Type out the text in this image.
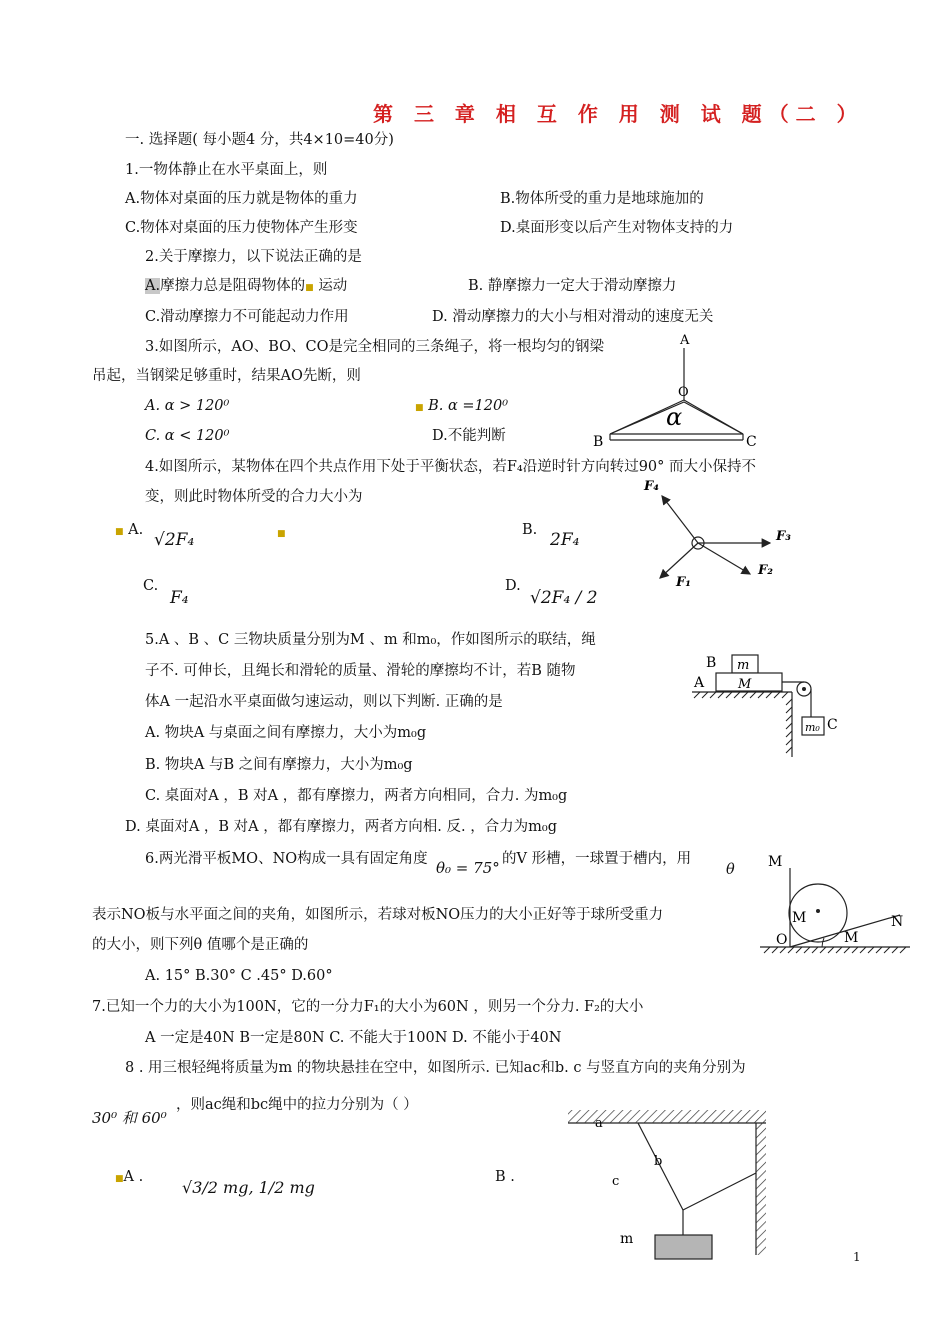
第 三 章 相 互 作 用 测 试 题（二 ）
一. 选择题( 每小题4 分，共4×10=40分)
1.一物体静止在水平桌面上，则
A.物体对桌面的压力就是物体的重力	B.物体所受的重力是地球施加的
C.物体对桌面的压力使物体产生形变	D.桌面形变以后产生对物体支持的力
2.关于摩擦力，以下说法正确的是
A.摩擦力总是阻碍物体的■ 运动	B. 静摩擦力一定大于滑动摩擦力
C.滑动摩擦力不可能起动力作用	D. 滑动摩擦力的大小与相对滑动的速度无关
3.如图所示，AO、BO、CO是完全相同的三条绳子，将一根均匀的钢梁
吊起，当钢梁足够重时，结果AO先断，则
A. α > 120⁰	■ B. α =120⁰
C. α < 120⁰	D.不能判断
A
O
α
B	C
4.如图所示，某物体在四个共点作用下处于平衡状态，若F₄沿逆时针方向转过90° 而大小保持不
变，则此时物体所受的合力大小为
■ A. √2F₄	■	B. 2F₄
C.
F₄
D.
√2F₄ / 2
F₄
F₃
F₂
F₁
5.A 、B 、C 三物块质量分别为M 、m 和m₀，作如图所示的联结，绳
子不. 可伸长，且绳长和滑轮的质量、滑轮的摩擦均不计，若B 随物
体A 一起沿水平桌面做匀速运动，则以下判断. 正确的是
A. 物块A 与桌面之间有摩擦力，大小为m₀g
B. 物块A 与B 之间有摩擦力，大小为m₀g
C. 桌面对A ，B 对A ，都有摩擦力，两者方向相同，合力. 为m₀g
D. 桌面对A ，B 对A ，都有摩擦力，两者方向相. 反. ，合力为m₀g
B m
A	M
m₀ C
6.两光滑平板MO、NO构成一具有固定角度 θ₀ = 75° 的V 形槽，一球置于槽内，用
θ
表示NO板与水平面之间的夹角，如图所示，若球对板NO压力的大小正好等于球所受重力
的大小，则下列θ 值哪个是正确的
A. 15° B.30° C .45° D.60°
M
M
O	M
N
7.已知一个力的大小为100N，它的一分力F₁的大小为60N ，则另一个分力. F₂的大小
A 一定是40N B一定是80N C. 不能大于100N D. 不能小于40N
8 . 用三根轻绳将质量为m 的物块悬挂在空中，如图所示. 已知ac和b. c 与竖直方向的夹角分别为
30⁰ 和 60⁰
，则ac绳和bc绳中的拉力分别为（ ）
■A .
√3/2 mg, 1/2 mg
B .
a
b
c
m
1
